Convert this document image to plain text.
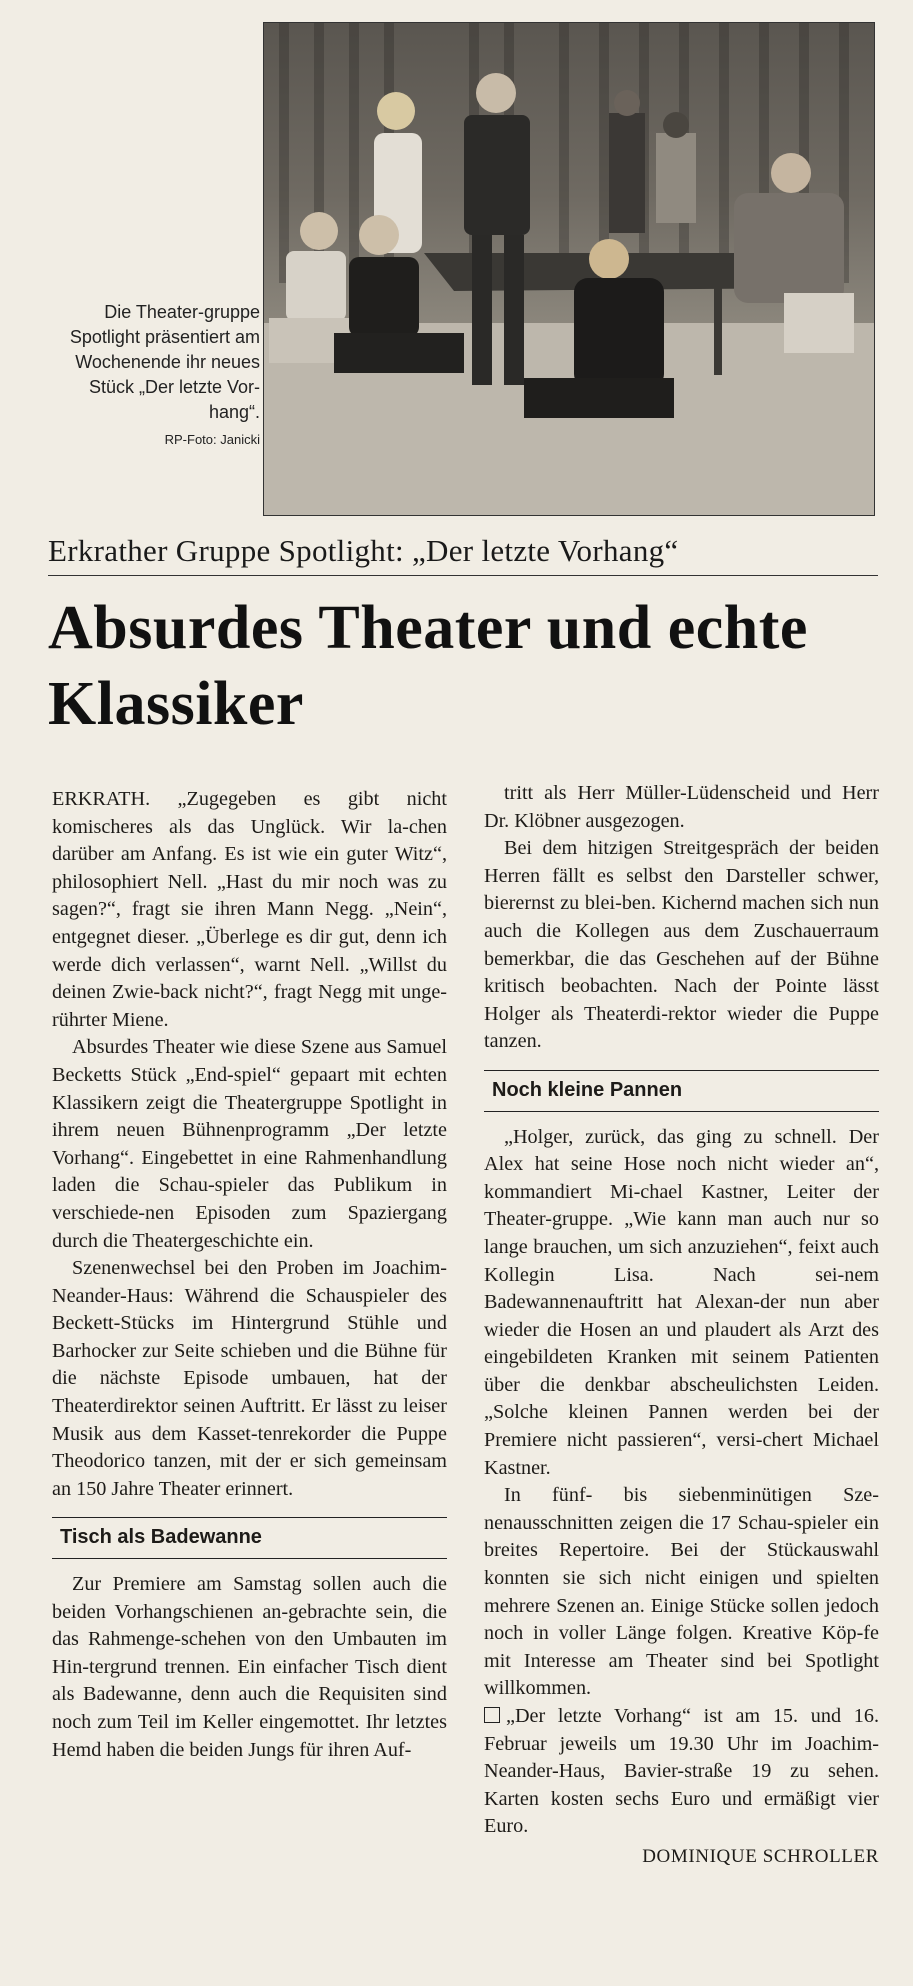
Die Theater-gruppe Spotlight präsentiert am Wochenende ihr neues Stück „Der letzte Vor-hang“.
RP-Foto: Janicki
Erkrather Gruppe Spotlight: „Der letzte Vorhang“
Absurdes Theater und echte Klassiker

ERKRATH. „Zugegeben es gibt nicht komischeres als das Unglück. Wir la-chen darüber am Anfang. Es ist wie ein guter Witz“, philosophiert Nell. „Hast du mir noch was zu sagen?“, fragt sie ihren Mann Negg. „Nein“, entgegnet dieser. „Überlege es dir gut, denn ich werde dich verlassen“, warnt Nell. „Willst du deinen Zwie-back nicht?“, fragt Negg mit unge-rührter Miene.

Absurdes Theater wie diese Szene aus Samuel Becketts Stück „End-spiel“ gepaart mit echten Klassikern zeigt die Theatergruppe Spotlight in ihrem neuen Bühnenprogramm „Der letzte Vorhang“. Eingebettet in eine Rahmenhandlung laden die Schau-spieler das Publikum in verschiede-nen Episoden zum Spaziergang durch die Theatergeschichte ein.

Szenenwechsel bei den Proben im Joachim-Neander-Haus: Während die Schauspieler des Beckett-Stücks im Hintergrund Stühle und Barhocker zur Seite schieben und die Bühne für die nächste Episode umbauen, hat der Theaterdirektor seinen Auftritt. Er lässt zu leiser Musik aus dem Kasset-tenrekorder die Puppe Theodorico tanzen, mit der er sich gemeinsam an 150 Jahre Theater erinnert.

Tisch als Badewanne

Zur Premiere am Samstag sollen auch die beiden Vorhangschienen an-gebrachte sein, die das Rahmenge-schehen von den Umbauten im Hin-tergrund trennen. Ein einfacher Tisch dient als Badewanne, denn auch die Requisiten sind noch zum Teil im Keller eingemottet. Ihr letztes Hemd haben die beiden Jungs für ihren Auf-

tritt als Herr Müller-Lüdenscheid und Herr Dr. Klöbner ausgezogen.

Bei dem hitzigen Streitgespräch der beiden Herren fällt es selbst den Darsteller schwer, bierernst zu blei-ben. Kichernd machen sich nun auch die Kollegen aus dem Zuschauerraum bemerkbar, die das Geschehen auf der Bühne kritisch beobachten. Nach der Pointe lässt Holger als Theaterdi-rektor wieder die Puppe tanzen.

Noch kleine Pannen

„Holger, zurück, das ging zu schnell. Der Alex hat seine Hose noch nicht wieder an“, kommandiert Mi-chael Kastner, Leiter der Theater-gruppe. „Wie kann man auch nur so lange brauchen, um sich anzuziehen“, feixt auch Kollegin Lisa. Nach sei-nem Badewannenauftritt hat Alexan-der nun aber wieder die Hosen an und plaudert als Arzt des eingebildeten Kranken mit seinem Patienten über die denkbar abscheulichsten Leiden. „Solche kleinen Pannen werden bei der Premiere nicht passieren“, versi-chert Michael Kastner.

In fünf- bis siebenminütigen Sze-nenausschnitten zeigen die 17 Schau-spieler ein breites Repertoire. Bei der Stückauswahl konnten sie sich nicht einigen und spielten mehrere Szenen an. Einige Stücke sollen jedoch noch in voller Länge folgen. Kreative Köp-fe mit Interesse am Theater sind bei Spotlight willkommen.

„Der letzte Vorhang“ ist am 15. und 16. Februar jeweils um 19.30 Uhr im Joachim-Neander-Haus, Bavier-straße 19 zu sehen. Karten kosten sechs Euro und ermäßigt vier Euro.

DOMINIQUE SCHROLLER
